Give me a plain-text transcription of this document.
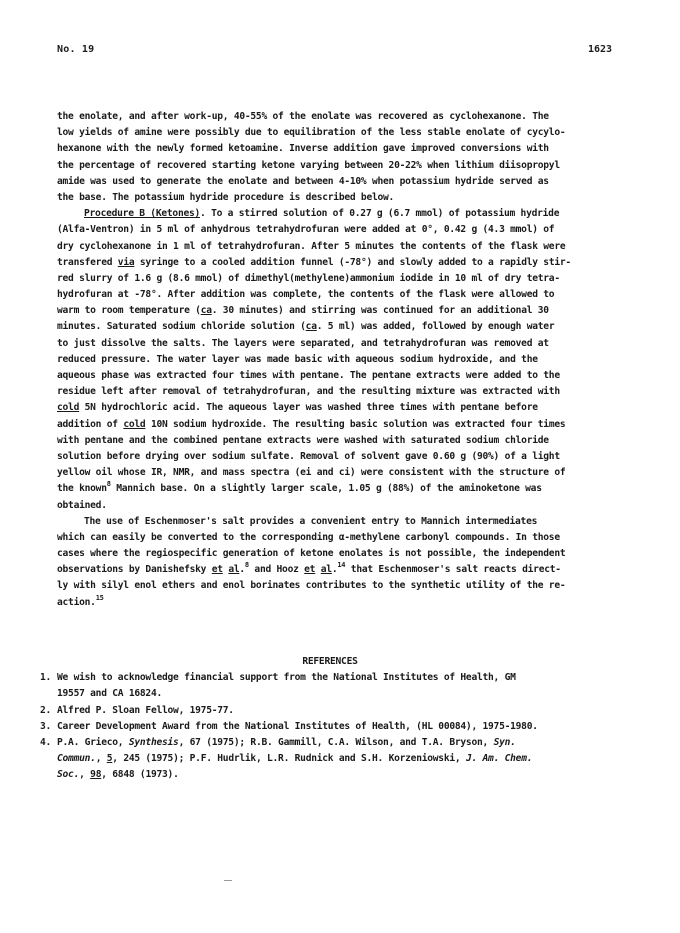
No. 19	1623
the enolate, and after work-up, 40-55% of the enolate was recovered as cyclohexanone. The
low yields of amine were possibly due to equilibration of the less stable enolate of cycylo-
hexanone with the newly formed ketoamine. Inverse addition gave improved conversions with
the percentage of recovered starting ketone varying between 20-22% when lithium diisopropyl
amide was used to generate the enolate and between 4-10% when potassium hydride served as
the base. The potassium hydride procedure is described below.
Procedure B (Ketones). To a stirred solution of 0.27 g (6.7 mmol) of potassium hydride
(Alfa-Ventron) in 5 ml of anhydrous tetrahydrofuran were added at 0°, 0.42 g (4.3 mmol) of
dry cyclohexanone in 1 ml of tetrahydrofuran. After 5 minutes the contents of the flask were
transfered via syringe to a cooled addition funnel (-78°) and slowly added to a rapidly stir-
red slurry of 1.6 g (8.6 mmol) of dimethyl(methylene)ammonium iodide in 10 ml of dry tetra-
hydrofuran at -78°. After addition was complete, the contents of the flask were allowed to
warm to room temperature (ca. 30 minutes) and stirring was continued for an additional 30
minutes. Saturated sodium chloride solution (ca. 5 ml) was added, followed by enough water
to just dissolve the salts. The layers were separated, and tetrahydrofuran was removed at
reduced pressure. The water layer was made basic with aqueous sodium hydroxide, and the
aqueous phase was extracted four times with pentane. The pentane extracts were added to the
residue left after removal of tetrahydrofuran, and the resulting mixture was extracted with
cold 5N hydrochloric acid. The aqueous layer was washed three times with pentane before
addition of cold 10N sodium hydroxide. The resulting basic solution was extracted four times
with pentane and the combined pentane extracts were washed with saturated sodium chloride
solution before drying over sodium sulfate. Removal of solvent gave 0.60 g (90%) of a light
yellow oil whose IR, NMR, and mass spectra (ei and ci) were consistent with the structure of
the known$^8$ Mannich base. On a slightly larger scale, 1.05 g (88%) of the aminoketone was
obtained.
The use of Eschenmoser's salt provides a convenient entry to Mannich intermediates
which can easily be converted to the corresponding α-methylene carbonyl compounds. In those
cases where the regiospecific generation of ketone enolates is not possible, the independent
observations by Danishefsky et al.$^8$ and Hooz et al.$^{14}$ that Eschenmoser's salt reacts direct-
ly with silyl enol ethers and enol borinates contributes to the synthetic utility of the re-
action.$^{15}$
REFERENCES
1. We wish to acknowledge financial support from the National Institutes of Health, GM
19557 and CA 16824.
2. Alfred P. Sloan Fellow, 1975-77.
3. Career Development Award from the National Institutes of Health, (HL 00084), 1975-1980.
4. P.A. Grieco, Synthesis, 67 (1975); R.B. Gammill, C.A. Wilson, and T.A. Bryson, Syn.
Commun., 5, 245 (1975); P.F. Hudrlik, L.R. Rudnick and S.H. Korzeniowski, J. Am. Chem.
Soc., 98, 6848 (1973).
